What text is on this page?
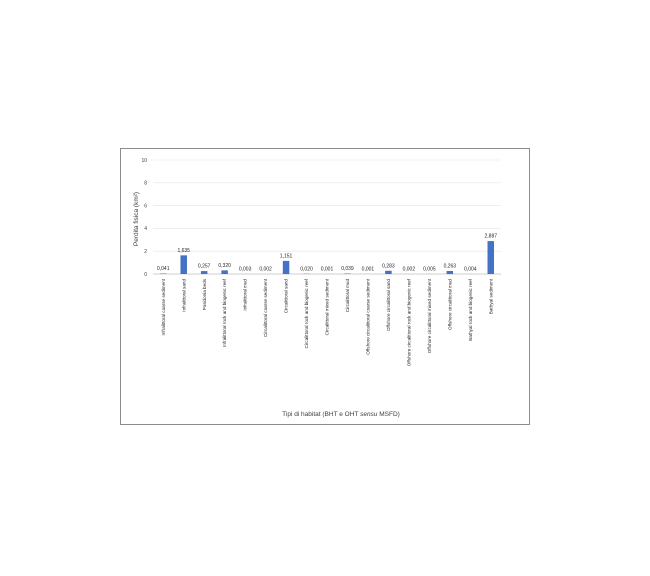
0
2
4
6
8
10
0,041
1,635
0,257 0,320
0,003 0,002
1,151
0,020 0,001 0,039 0,001
0,283
0,002 0,005 0,263 0,004
2,887
Infralittoral coarse sediment	Infralittoral sand	Posidonia beds	Infralittoral rock and biogenic reef	Infralittoral mud	Circalittoral coarse sediment	Circalittoral sand	Circalittoral rock and biogenic reef	Circalittoral mixed sediment	Circalittoral mud	Offshore circalittoral coarse sediment	Offshore circalittoral sand	Offshore circalittoral rock and biogenic reef	Offshore circalittoral mixed sediment	Offshore circalittoral mud	Bathyal rock and biogenic reef	Bathyal sediment
Perdita fisica (km²)
Tipi di habitat (BHT e OHT sensu MSFD)
